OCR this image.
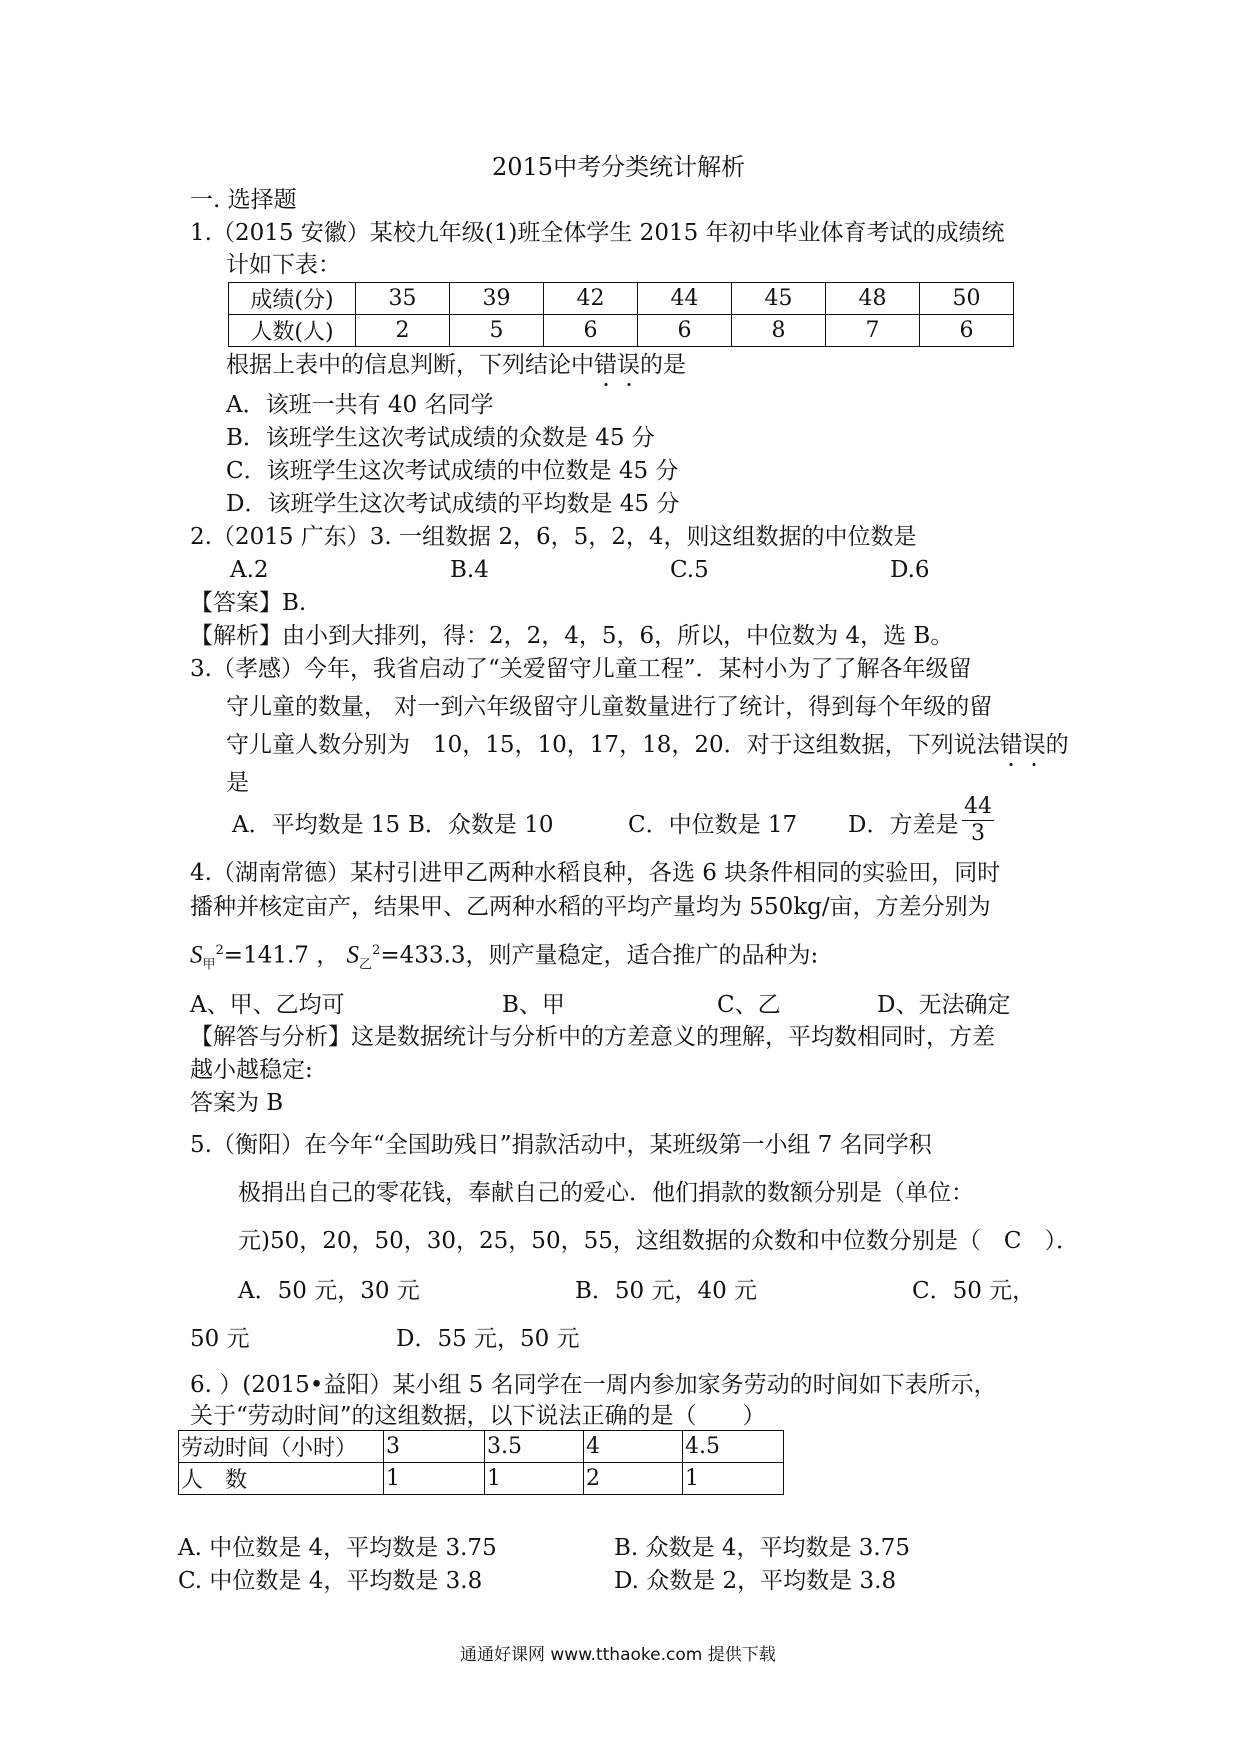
2015中考分类统计解析
一. 选择题
1.（2015 安徽）某校九年级(1)班全体学生 2015 年初中毕业体育考试的成绩统
计如下表：
成绩(分)	35	39	42	44	45	48	50
人数(人)	2	5	6	6	8	7	6
根据上表中的信息判断，下列结论中错误的是
A．该班一共有 40 名同学
B．该班学生这次考试成绩的众数是 45 分
C．该班学生这次考试成绩的中位数是 45 分
D．该班学生这次考试成绩的平均数是 45 分
2.（2015 广东）3. 一组数据 2，6，5，2，4，则这组数据的中位数是
A.2	B.4	C.5	D.6
【答案】B.
【解析】由小到大排列，得：2，2，4，5，6，所以，中位数为 4，选 B。
3.（孝感）今年，我省启动了“关爱留守儿童工程”．某村小为了了解各年级留
守儿童的数量， 对一到六年级留守儿童数量进行了统计，得到每个年级的留
守儿童人数分别为　10，15，10，17，18，20．对于这组数据，下列说法错误的
是
A．平均数是 15 B．众数是 10	C．中位数是 17 D．方差是 $\frac{44}{3}$
4.（湖南常德）某村引进甲乙两种水稻良种，各选 6 块条件相同的实验田，同时
播种并核定亩产，结果甲、乙两种水稻的平均产量均为 550kg/亩，方差分别为
$S_甲^2=141.7$ ， $S_乙^2=433.3$，则产量稳定，适合推广的品种为:
A、甲、乙均可	B、甲	C、乙	D、无法确定
【解答与分析】这是数据统计与分析中的方差意义的理解，平均数相同时，方差
越小越稳定:
答案为 B
5.（衡阳）在今年“全国助残日”捐款活动中，某班级第一小组 7 名同学积
极捐出自己的零花钱，奉献自己的爱心．他们捐款的数额分别是（单位：
元)50，20，50，30，25，50，55，这组数据的众数和中位数分别是（　C　）．
A．50 元，30 元	B．50 元，40 元	C．50 元，
50 元	D．55 元，50 元
6. ）(2015•益阳）某小组 5 名同学在一周内参加家务劳动的时间如下表所示，
关于“劳动时间”的这组数据，以下说法正确的是（　　）
劳动时间（小时）	3	3.5	4	4.5
人　数	1	1	2	1
A. 中位数是 4，平均数是 3.75	B. 众数是 4，平均数是 3.75
C. 中位数是 4，平均数是 3.8	D. 众数是 2，平均数是 3.8
通通好课网 www.tthaoke.com 提供下载
